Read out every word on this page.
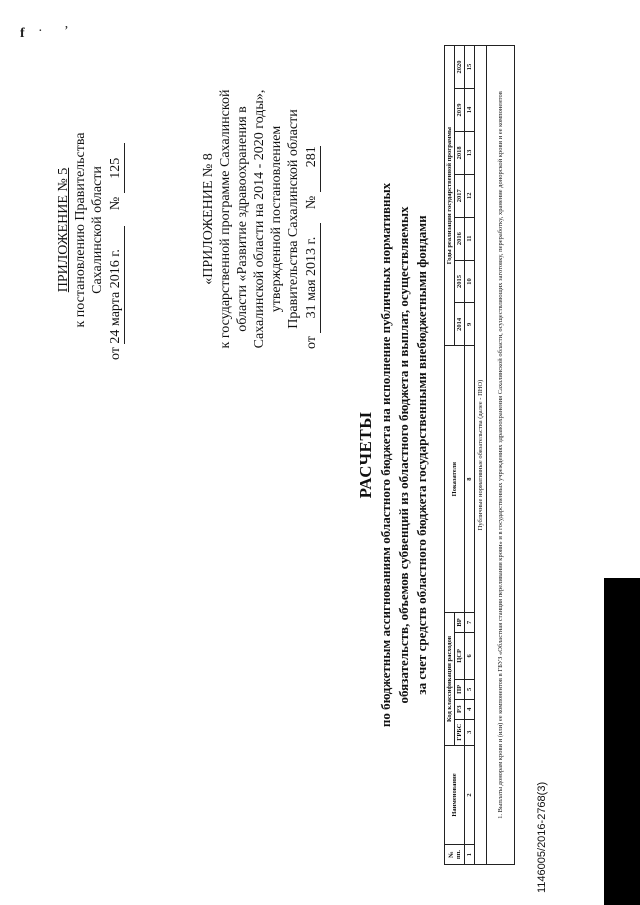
f · ’
ПРИЛОЖЕНИЕ № 5 к постановлению Правительства Сахалинской области
от 24 марта 2016 г. № 125	«ПРИЛОЖЕНИЕ № 8 к государственной программе Сахалинской области «Развитие здравоохранения в Сахалинской области на 2014 - 2020 годы», утвержденной постановлением Правительства Сахалинской области
от 31 мая 2013 г. № 281
РАСЧЕТЫ по бюджетным ассигнованиям областного бюджета на исполнение публичных нормативных обязательств, объемов субвенций из областного бюджета и выплат, осуществляемых за счет средств областного бюджета государственными внебюджетными фондами
№ пп.	Наименование	Код классификации расходов					Показатели	Годы реализации государственной программы						
		ГРБС	РЗ	ПР	ЦСР	ВР		2014	2015	2016	2017	2018	2019	2020
1	2	3	4	5	6	7	8	9	10	11	12	13	14	15
Публичные нормативные обязательства (далее - ПНО)														
1. Выплаты донорам крови и (или) ее компонентов в ГБУЗ «Областная станция переливания крови» и в государственных учреждениях здравоохранения Сахалинской области, осуществляющих заготовку, переработку, хранение донорской крови и ее компонентов														
1146005/2016-2768(3)
